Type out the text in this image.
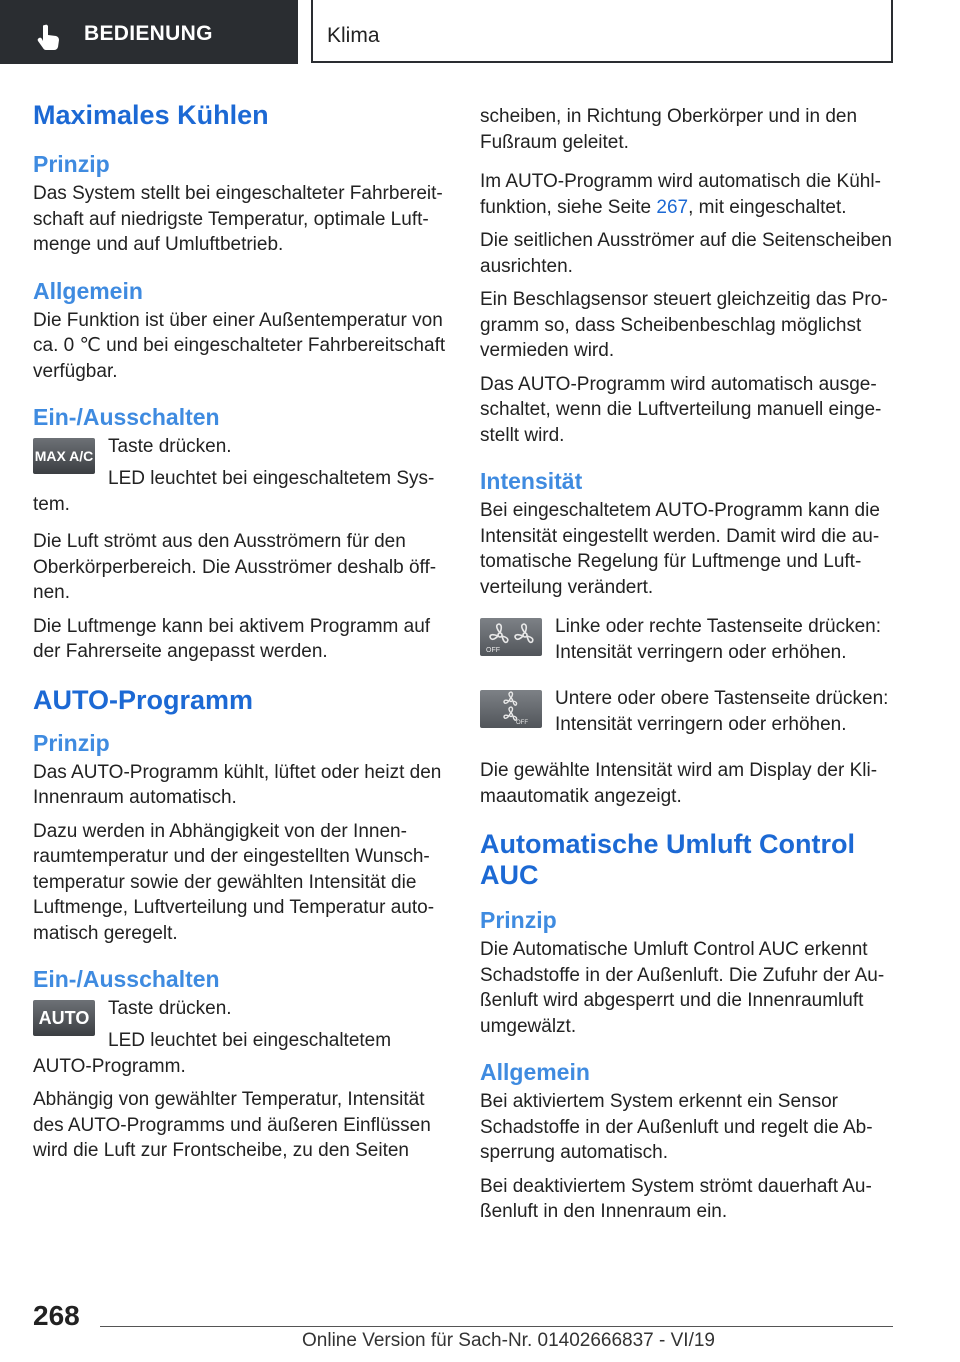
BEDIENUNG	Klima
Maximales Kühlen
Prinzip
Das System stellt bei eingeschalteter Fahrbereitschaft auf niedrigste Temperatur, optimale Luftmenge und auf Umluftbetrieb.
Allgemein
Die Funktion ist über einer Außentemperatur von ca. 0 ℃ und bei eingeschalteter Fahrbereitschaft verfügbar.
Ein-/Ausschalten
MAX A/C Taste drücken.
LED leuchtet bei eingeschaltetem System.
Die Luft strömt aus den Ausströmern für den Oberkörperbereich. Die Ausströmer deshalb öffnen.
Die Luftmenge kann bei aktivem Programm auf der Fahrerseite angepasst werden.
AUTO-Programm
Prinzip
Das AUTO-Programm kühlt, lüftet oder heizt den Innenraum automatisch.
Dazu werden in Abhängigkeit von der Innenraumtemperatur und der eingestellten Wunschtemperatur sowie der gewählten Intensität die Luftmenge, Luftverteilung und Temperatur automatisch geregelt.
Ein-/Ausschalten
AUTO Taste drücken.
LED leuchtet bei eingeschaltetem AUTO-Programm.
Abhängig von gewählter Temperatur, Intensität des AUTO-Programms und äußeren Einflüssen wird die Luft zur Frontscheibe, zu den Seiten
scheiben, in Richtung Oberkörper und in den Fußraum geleitet.
Im AUTO-Programm wird automatisch die Kühlfunktion, siehe Seite 267, mit eingeschaltet.
Die seitlichen Ausströmer auf die Seitenscheiben ausrichten.
Ein Beschlagsensor steuert gleichzeitig das Programm so, dass Scheibenbeschlag möglichst vermieden wird.
Das AUTO-Programm wird automatisch ausgeschaltet, wenn die Luftverteilung manuell eingestellt wird.
Intensität
Bei eingeschaltetem AUTO-Programm kann die Intensität eingestellt werden. Damit wird die automatische Regelung für Luftmenge und Luftverteilung verändert.
OFF
Linke oder rechte Tastenseite drücken: Intensität verringern oder erhöhen.
OFF
Untere oder obere Tastenseite drücken: Intensität verringern oder erhöhen.
Die gewählte Intensität wird am Display der Klimaautomatik angezeigt.
Automatische Umluft Control AUC
Prinzip
Die Automatische Umluft Control AUC erkennt Schadstoffe in der Außenluft. Die Zufuhr der Außenluft wird abgesperrt und die Innenraumluft umgewälzt.
Allgemein
Bei aktiviertem System erkennt ein Sensor Schadstoffe in der Außenluft und regelt die Absperrung automatisch.
Bei deaktiviertem System strömt dauerhaft Außenluft in den Innenraum ein.
268
Online Version für Sach-Nr. 01402666837 - VI/19
